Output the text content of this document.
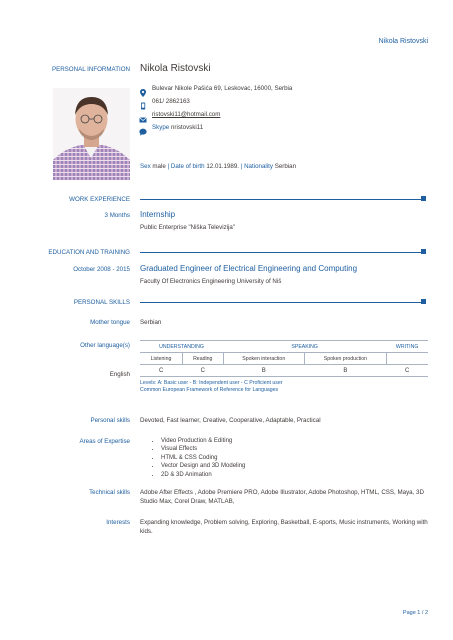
Nikola Ristovski
PERSONAL INFORMATION Nikola Ristovski
Bulevar Nikole Pašića 69, Leskovac, 16000, Serbia
061/ 2862163
ristovski11@hotmail.com
Skype nristovski11
Sex male | Date of birth 12.01.1989. | Nationality Serbian
WORK EXPERIENCE
3 Months Internship
Public Enterprise "Niška Televizija"
EDUCATION AND TRAINING
October 2008 - 2015 Graduated Engineer of Electrical Engineering and Computing
Faculty Of Electronics Engineering University of Niš
PERSONAL SKILLS
Mother tongue Serbian
Other language(s)
English
UNDERSTANDING		SPEAKING		WRITING
Listening	Reading	Spoken interaction	Spoken production	
C	C	B	B	C
Levels: A: Basic user - B: Independent user - C Proficient user
Common European Framework of Reference for Languages
Personal skills Devoted, Fast learner, Creative, Cooperative, Adaptable, Practical
Areas of Expertise	• Video Production & Editing
• Visual Effects
• HTML & CSS Coding
• Vector Design and 3D Modeling
• 2D & 3D Animation
Technical skills Adobe After Effects , Adobe Premiere PRO, Adobe Illustrator, Adobe Photoshop, HTML, CSS, Maya, 3D Studio Max, Corel Draw, MATLAB,
Interests Expanding knowledge, Problem solving, Exploring, Basketball, E-sports, Music instruments, Working with kids.
Page 1 / 2
